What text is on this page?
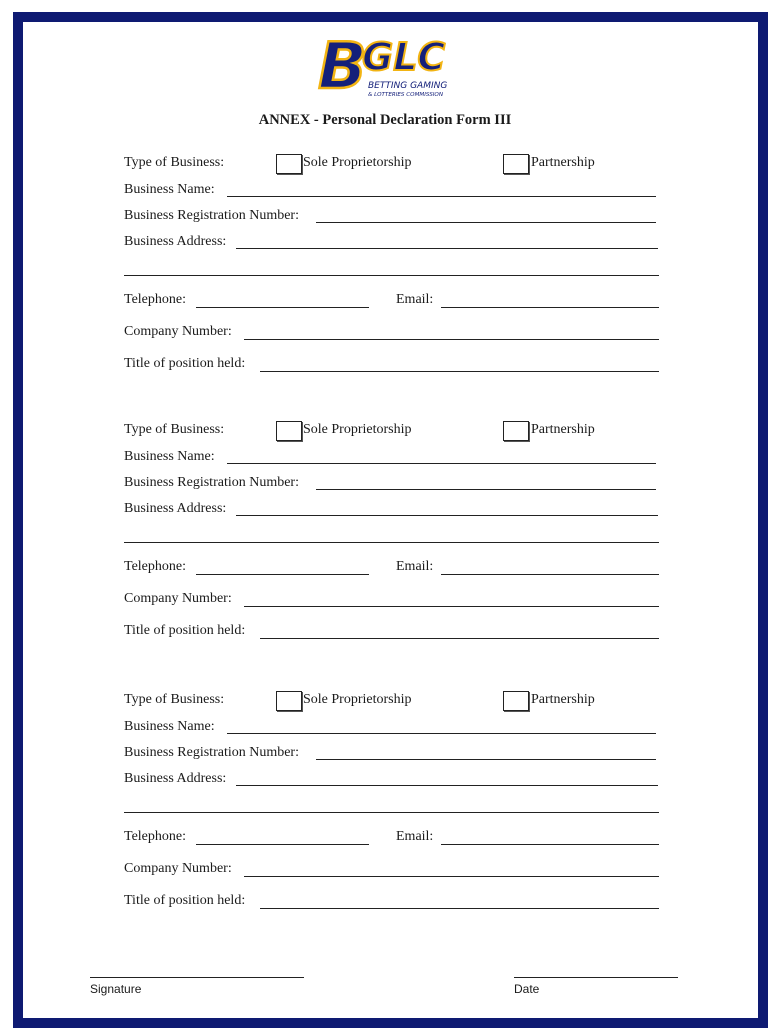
B
GLC
BETTING GAMING
& LOTTERIES COMMISSION
ANNEX - Personal Declaration Form III
Type of Business:	Sole Proprietorship	Partnership
Business Name:
Business Registration Number:
Business Address:
Telephone:	Email:
Company Number:
Title of position held:
Type of Business:	Sole Proprietorship	Partnership
Business Name:
Business Registration Number:
Business Address:
Telephone:	Email:
Company Number:
Title of position held:
Type of Business:	Sole Proprietorship	Partnership
Business Name:
Business Registration Number:
Business Address:
Telephone:	Email:
Company Number:
Title of position held:
Signature	Date
